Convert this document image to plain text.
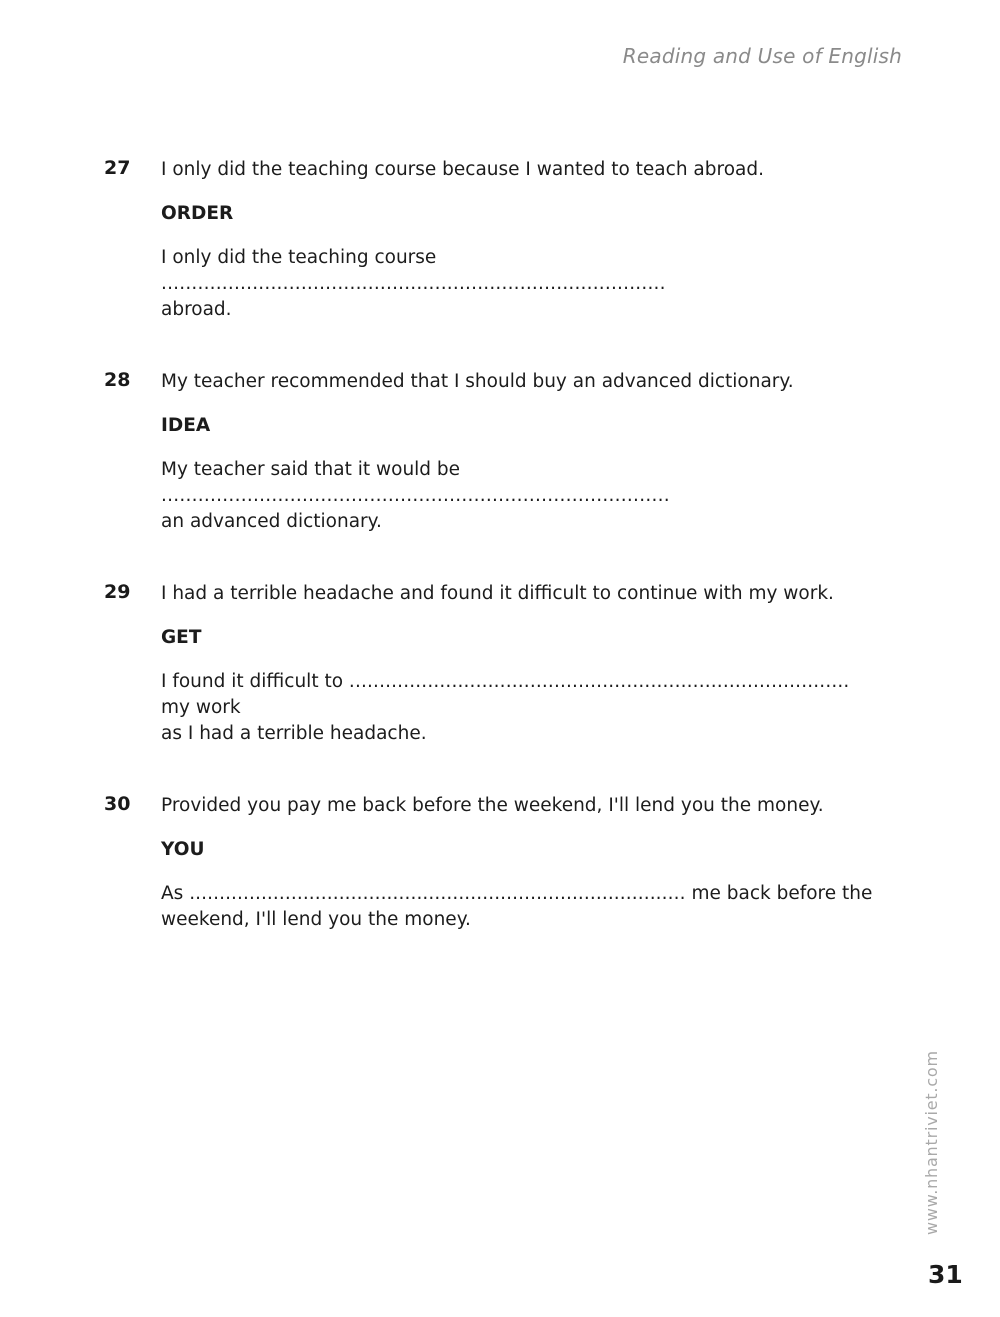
Reading and Use of English
27 I only did the teaching course because I wanted to teach abroad.

ORDER
I only did the teaching course ...................................................................................
abroad.
28 My teacher recommended that I should buy an advanced dictionary.

IDEA
My teacher said that it would be ...................................................................................
an advanced dictionary.
29 I had a terrible headache and found it difficult to continue with my work.

GET
I found it difficult to ................................................................................... my work
as I had a terrible headache.
30 Provided you pay me back before the weekend, I'll lend you the money.

YOU
As ................................................................................... me back before the
weekend, I'll lend you the money.
www.nhantriviet.com
31
